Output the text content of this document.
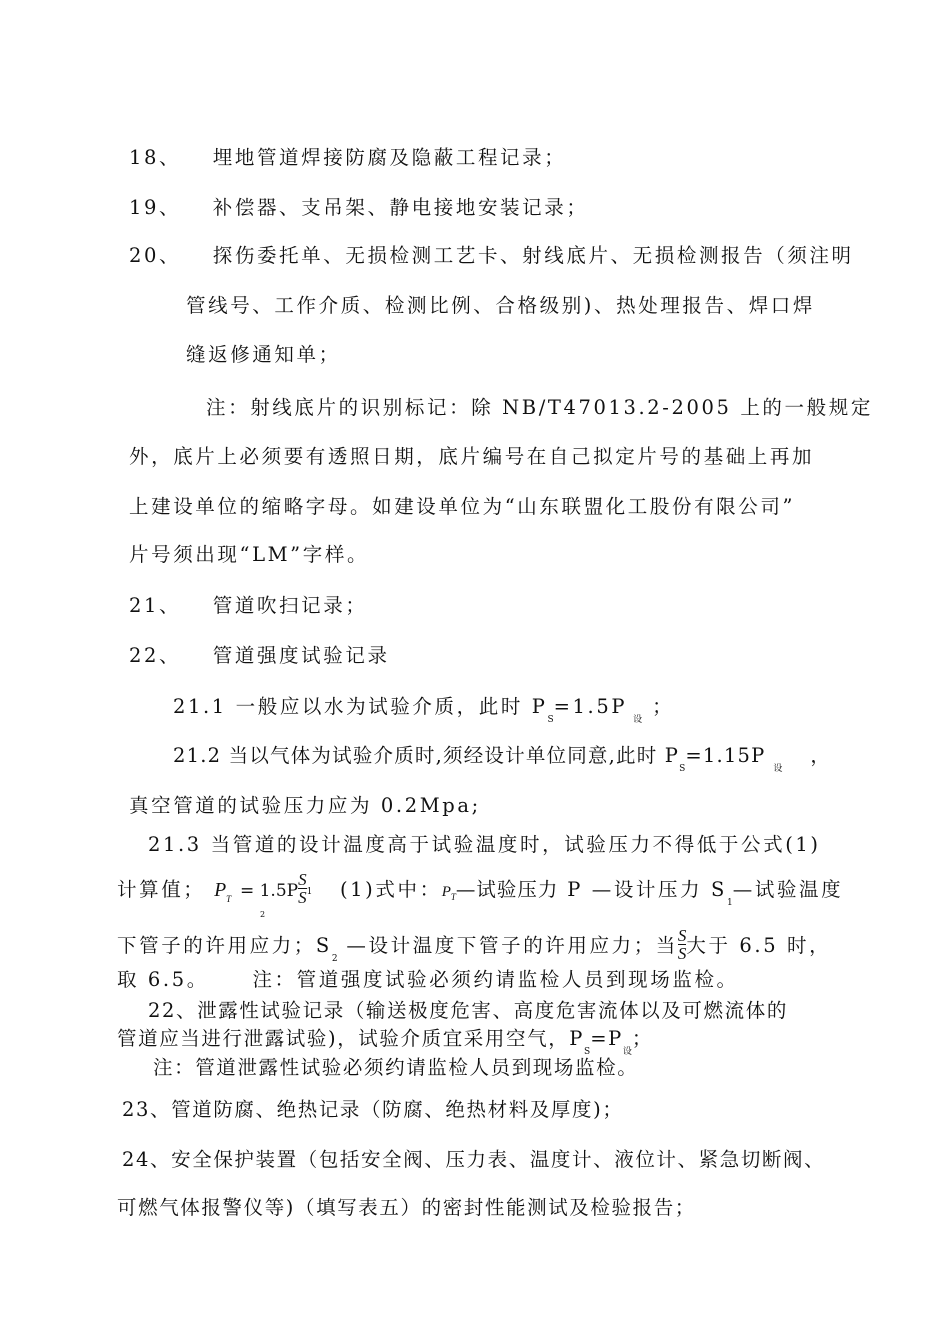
18、 埋地管道焊接防腐及隐蔽工程记录；
19、 补偿器、支吊架、静电接地安装记录；
20、 探伤委托单、无损检测工艺卡、射线底片、无损检测报告（须注明
管线号、工作介质、检测比例、合格级别)、热处理报告、焊口焊
缝返修通知单；
注：射线底片的识别标记：除 NB/T47013.2-2005 上的一般规定
外，底片上必须要有透照日期，底片编号在自己拟定片号的基础上再加
上建设单位的缩略字母。如建设单位为“山东联盟化工股份有限公司”
片号须出现“LM”字样。
21、 管道吹扫记录；
22、 管道强度试验记录
21.1 一般应以水为试验介质，此时 $P_S=1.5P_设$；
21.2 当以气体为试验介质时,须经设计单位同意,此时 $P_S=1.15P_设$，
真空管道的试验压力应为 0.2Mpa;
21.3 当管道的设计温度高于试验温度时，试验压力不得低于公式(1)
计算值； $P_T = 1.5P \frac{S}{S} 1$ (1)式中：$P_T—$试验压力 P —设计压力 $S_1—$试验温度
2
下管子的许用应力；$S_2$ —设计温度下管子的许用应力；当 $\frac{S}{S}$ 大于 6.5 时，
取 6.5。 注：管道强度试验必须约请监检人员到现场监检。
22、泄露性试验记录（输送极度危害、高度危害流体以及可燃流体的
管道应当进行泄露试验)，试验介质宜采用空气，$P_S=P_设$；
注：管道泄露性试验必须约请监检人员到现场监检。
23、管道防腐、绝热记录（防腐、绝热材料及厚度)；
24、安全保护装置（包括安全阀、压力表、温度计、液位计、紧急切断阀、
可燃气体报警仪等)（填写表五）的密封性能测试及检验报告；
